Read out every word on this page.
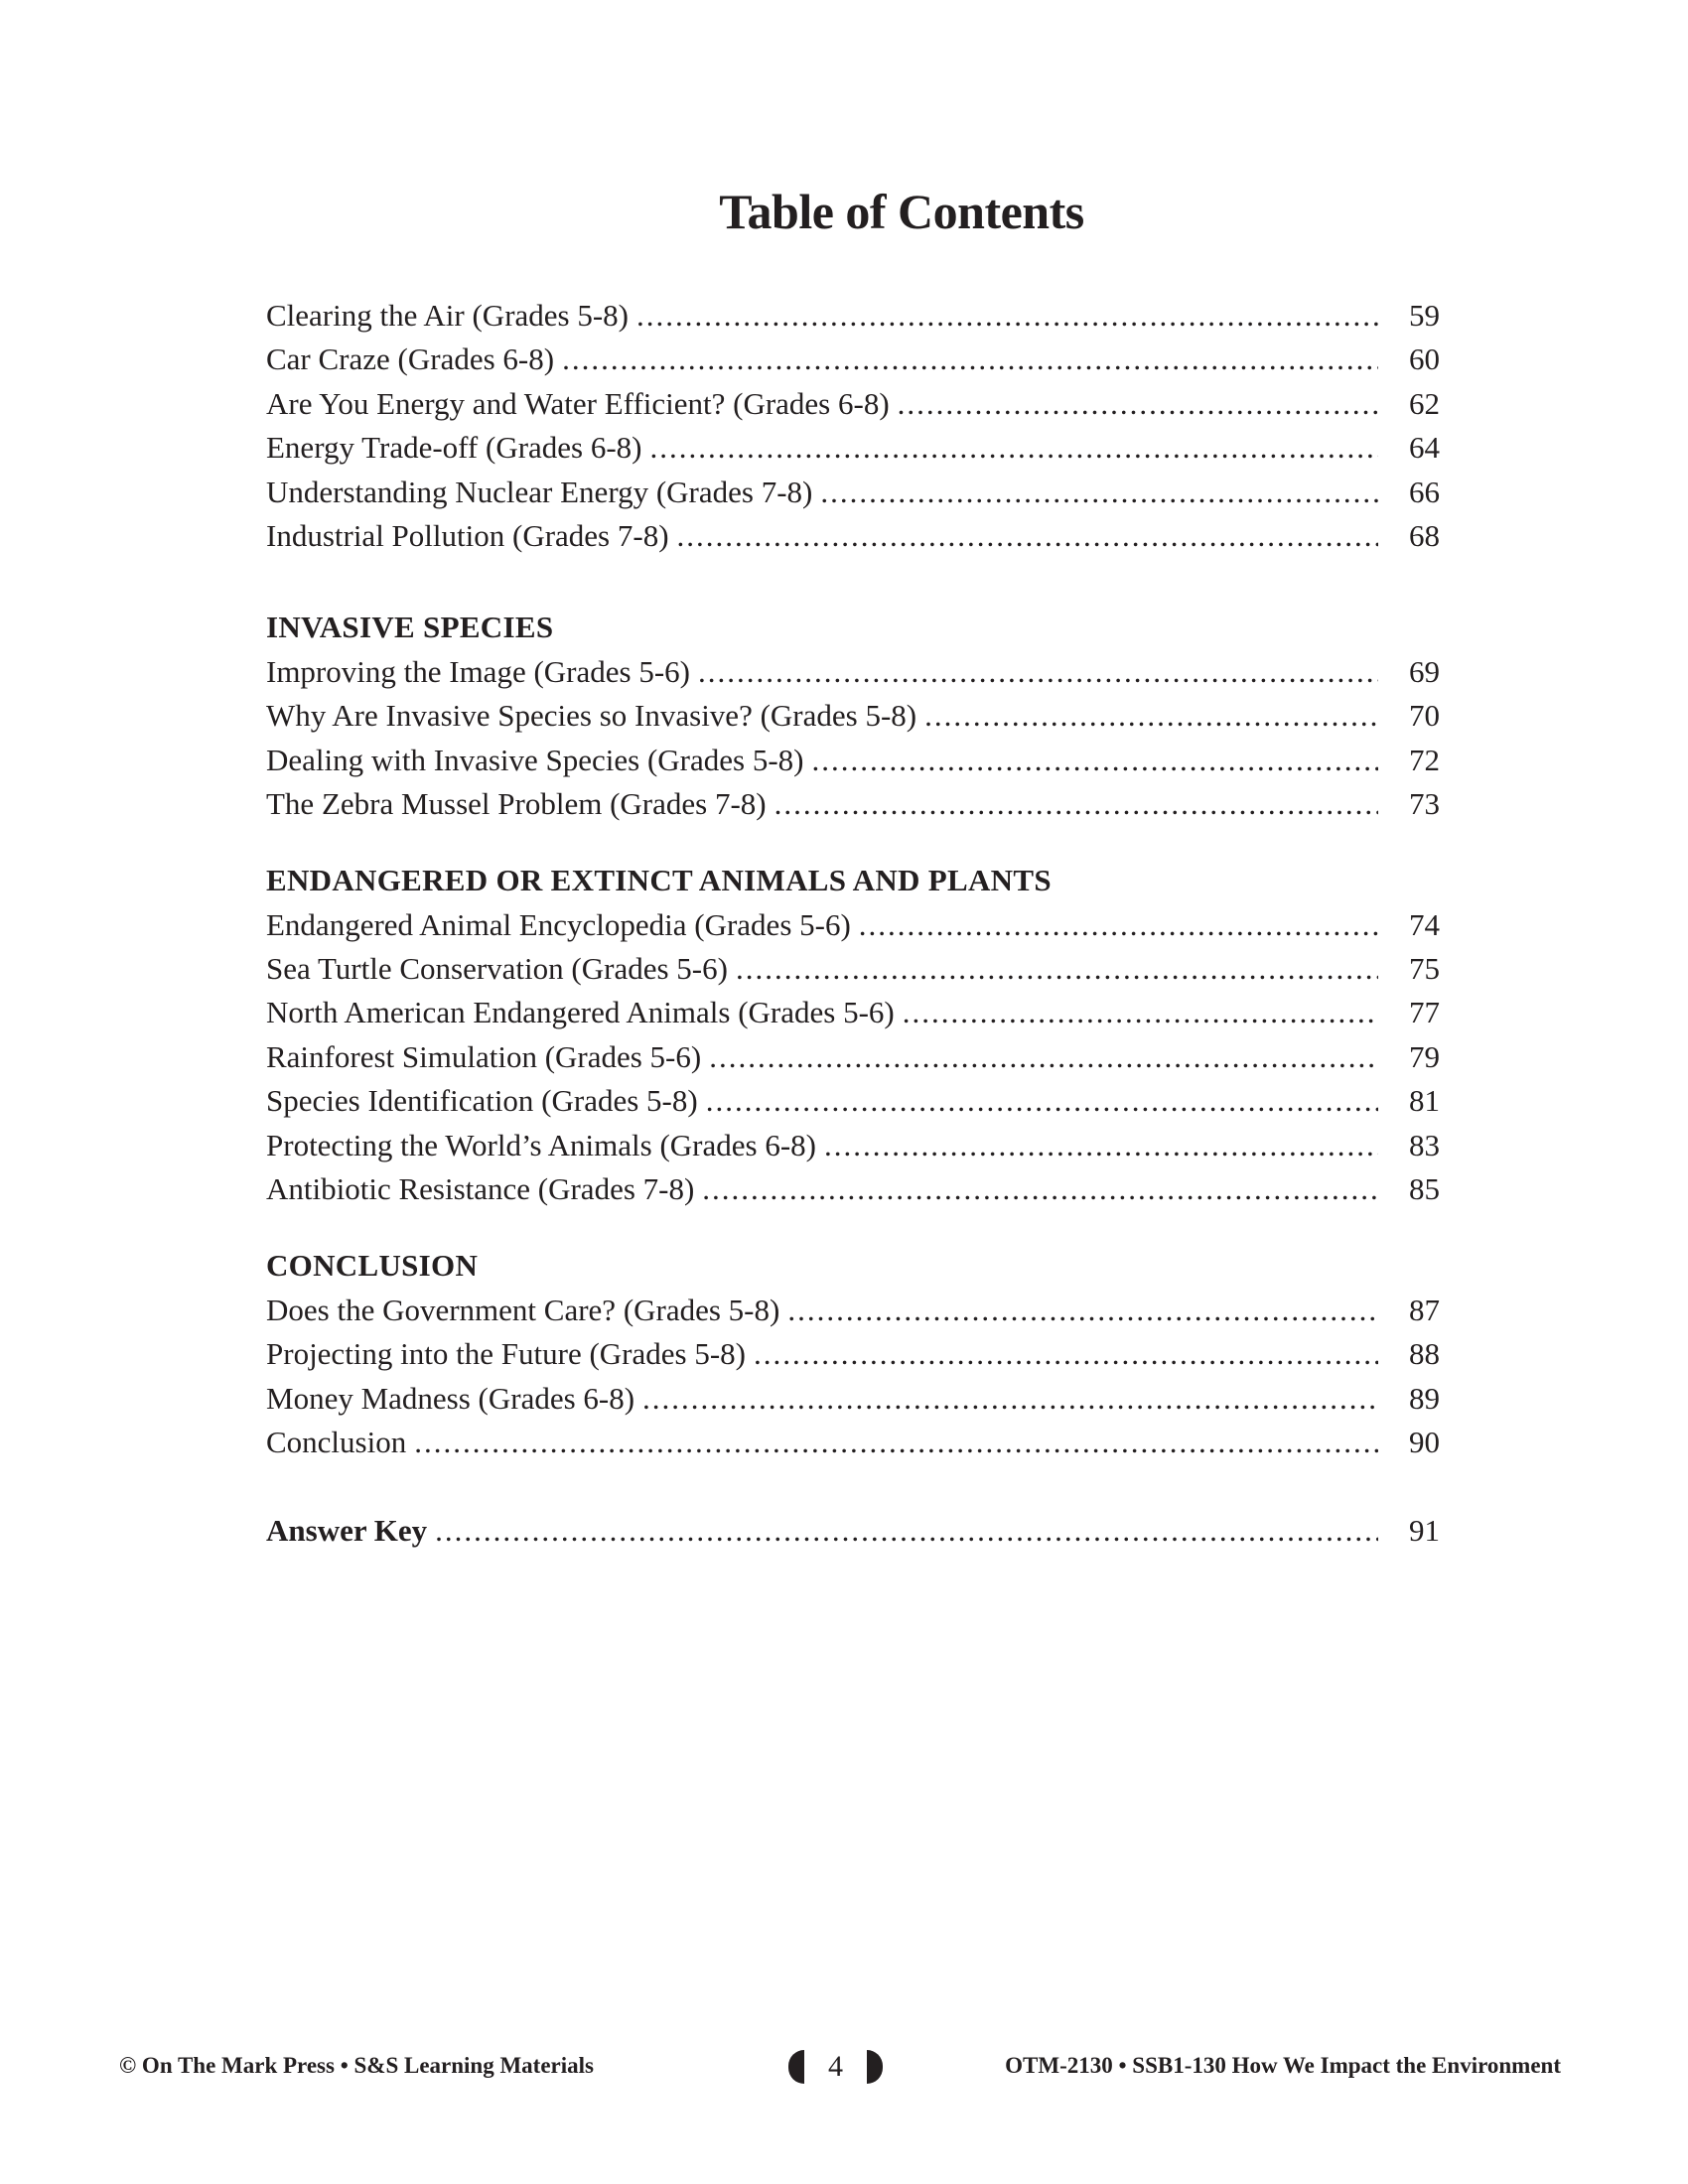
Table of Contents
Clearing the Air (Grades 5-8) .....	59
Car Craze (Grades 6-8) .....	60
Are You Energy and Water Efficient? (Grades 6-8) .....	62
Energy Trade-off (Grades 6-8) .....	64
Understanding Nuclear Energy (Grades 7-8) .....	66
Industrial Pollution (Grades 7-8) .....	68
INVASIVE SPECIES
Improving the Image (Grades 5-6) .....	69
Why Are Invasive Species so Invasive? (Grades 5-8) .....	70
Dealing with Invasive Species (Grades 5-8) .....	72
The Zebra Mussel Problem (Grades 7-8) .....	73
ENDANGERED OR EXTINCT ANIMALS AND PLANTS
Endangered Animal Encyclopedia (Grades 5-6) .....	74
Sea Turtle Conservation (Grades 5-6) .....	75
North American Endangered Animals (Grades 5-6) .....	77
Rainforest Simulation (Grades 5-6) .....	79
Species Identification (Grades 5-8) .....	81
Protecting the World’s Animals (Grades 6-8) .....	83
Antibiotic Resistance (Grades 7-8) .....	85
CONCLUSION
Does the Government Care? (Grades 5-8) .....	87
Projecting into the Future (Grades 5-8) .....	88
Money Madness (Grades 6-8) .....	89
Conclusion .....	90
Answer Key .....	91
© On The Mark Press • S&S Learning Materials	4	OTM-2130 • SSB1-130 How We Impact the Environment
